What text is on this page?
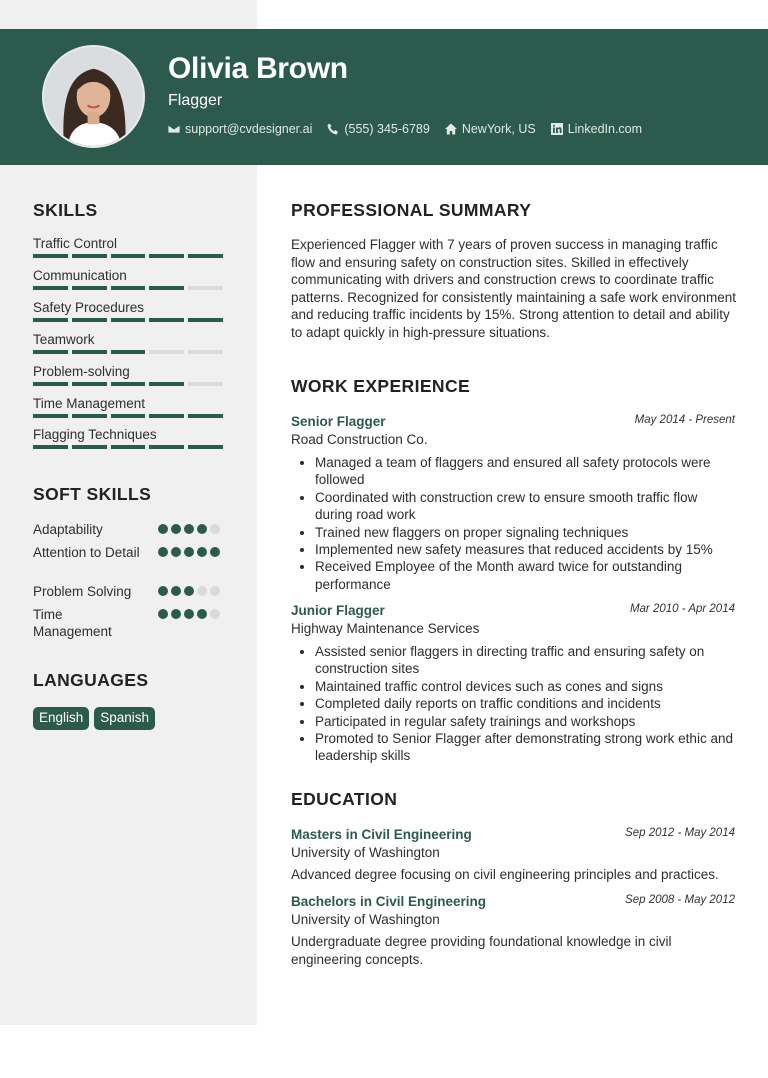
Olivia Brown
Flagger
support@cvdesigner.ai	(555) 345-6789	NewYork, US	LinkedIn.com
SKILLS
Traffic Control
Communication
Safety Procedures
Teamwork
Problem-solving
Time Management
Flagging Techniques
SOFT SKILLS
Adaptability
Attention to Detail
Problem Solving
Time Management
LANGUAGES
English	Spanish
PROFESSIONAL SUMMARY
Experienced Flagger with 7 years of proven success in managing traffic flow and ensuring safety on construction sites. Skilled in effectively communicating with drivers and construction crews to coordinate traffic patterns. Recognized for consistently maintaining a safe work environment and reducing traffic incidents by 15%. Strong attention to detail and ability to adapt quickly in high-pressure situations.
WORK EXPERIENCE
Senior Flagger	May 2014 - Present
Road Construction Co.
• Managed a team of flaggers and ensured all safety protocols were followed
• Coordinated with construction crew to ensure smooth traffic flow during road work
• Trained new flaggers on proper signaling techniques
• Implemented new safety measures that reduced accidents by 15%
• Received Employee of the Month award twice for outstanding performance
Junior Flagger	Mar 2010 - Apr 2014
Highway Maintenance Services
• Assisted senior flaggers in directing traffic and ensuring safety on construction sites
• Maintained traffic control devices such as cones and signs
• Completed daily reports on traffic conditions and incidents
• Participated in regular safety trainings and workshops
• Promoted to Senior Flagger after demonstrating strong work ethic and leadership skills
EDUCATION
Masters in Civil Engineering	Sep 2012 - May 2014
University of Washington
Advanced degree focusing on civil engineering principles and practices.
Bachelors in Civil Engineering	Sep 2008 - May 2012
University of Washington
Undergraduate degree providing foundational knowledge in civil engineering concepts.
